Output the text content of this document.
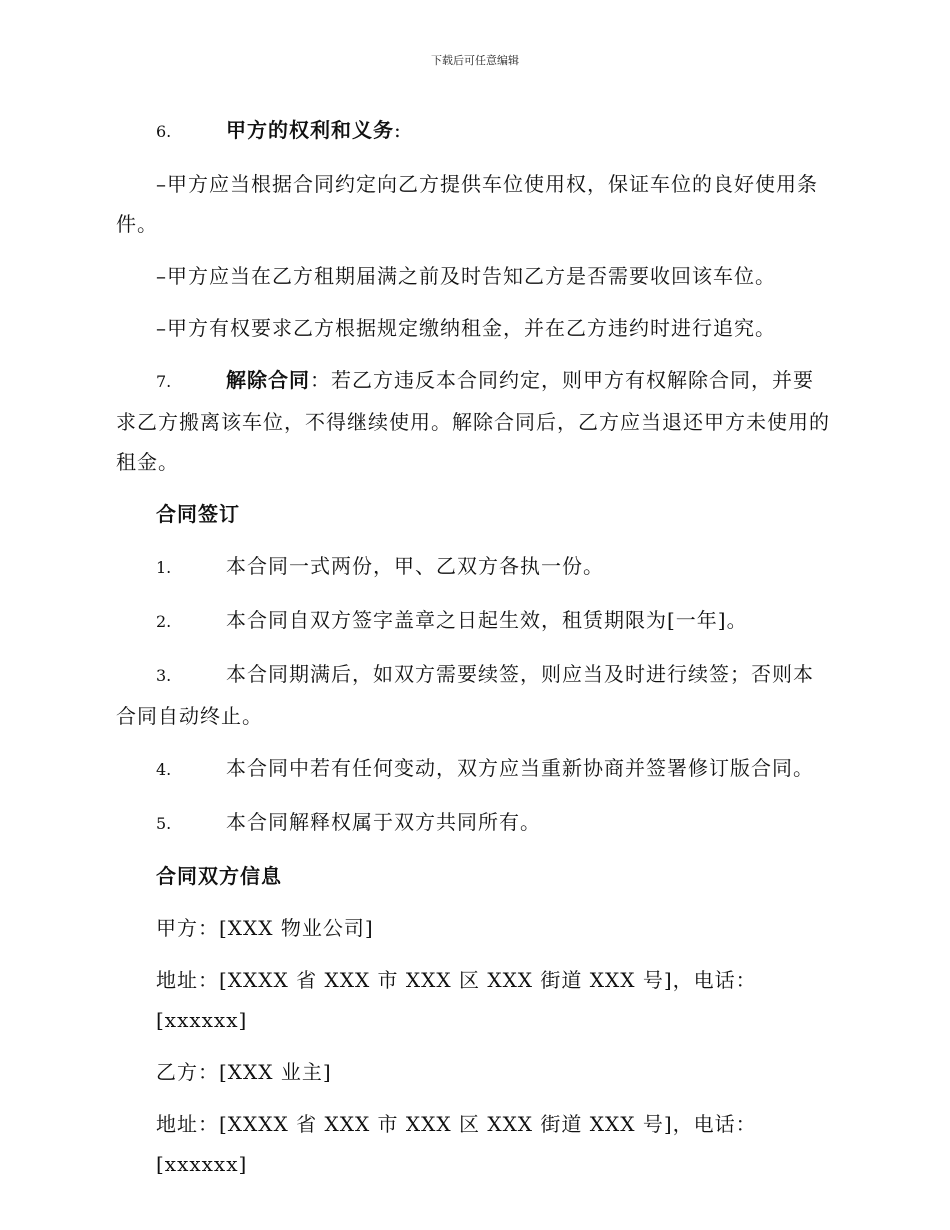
下载后可任意编辑

6.	甲方的权利和义务:

–甲方应当根据合同约定向乙方提供车位使用权，保证车位的良好使用条件。

–甲方应当在乙方租期届满之前及时告知乙方是否需要收回该车位。

–甲方有权要求乙方根据规定缴纳租金，并在乙方违约时进行追究。

7.	解除合同：若乙方违反本合同约定，则甲方有权解除合同，并要求乙方搬离该车位，不得继续使用。解除合同后，乙方应当退还甲方未使用的租金。

合同签订

1.	本合同一式两份，甲、乙双方各执一份。

2.	本合同自双方签字盖章之日起生效，租赁期限为[一年]。

3.	本合同期满后，如双方需要续签，则应当及时进行续签；否则本合同自动终止。

4.	本合同中若有任何变动，双方应当重新协商并签署修订版合同。

5.	本合同解释权属于双方共同所有。

合同双方信息

甲方：[XXX 物业公司]

地址：[XXXX 省 XXX 市 XXX 区 XXX 街道 XXX 号]，电话：[xxxxxx]

乙方：[XXX 业主]

地址：[XXXX 省 XXX 市 XXX 区 XXX 街道 XXX 号]，电话：[xxxxxx]
